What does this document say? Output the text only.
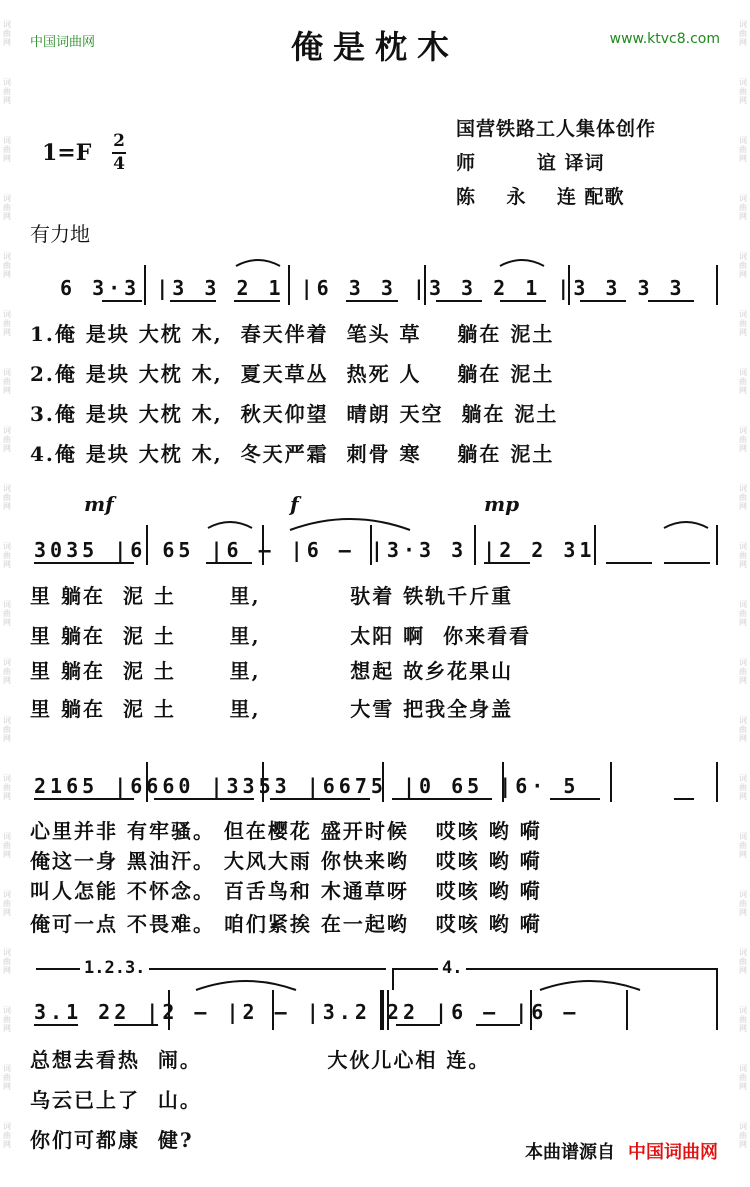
词曲网
词曲网
词曲网
词曲网
词曲网
词曲网
词曲网
词曲网
词曲网
词曲网
词曲网
词曲网
词曲网
词曲网
词曲网
词曲网
词曲网
词曲网
词曲网
词曲网
词曲网
词曲网
词曲网
词曲网
词曲网
词曲网
词曲网
词曲网
词曲网
词曲网
词曲网
词曲网
词曲网
词曲网
词曲网
词曲网
词曲网
词曲网
词曲网
词曲网
中国词曲网	俺是枕木	www.ktvc8.com
国营铁路工人集体创作
师        谊 译词
陈    永    连 配歌
1=F 2
4
有力地
6 3·3 |3 3 2 1 |6 3 3 |3 3 2 1 |3 3 3 3
1.俺 是块 大枕 木,  春天伴着  笔头 草    躺在 泥土
2.俺 是块 大枕 木,  夏天草丛  热死 人    躺在 泥土
3.俺 是块 大枕 木,  秋天仰望  晴朗 天空  躺在 泥土
4.俺 是块 大枕 木,  冬天严霜  刺骨 寒    躺在 泥土
mf	f	mp
3035 |6 65 |6 — |6 — |3·3 3 |2 2 31
里 躺在  泥 土      里,          驮着 铁轨千斤重
里 躺在  泥 土      里,          太阳 啊  你来看看
里 躺在  泥 土      里,          想起 故乡花果山
里 躺在  泥 土      里,          大雪 把我全身盖
2165 |6660 |3353 |6675 |0 65 |6· 5
心里并非 有牢骚。 但在樱花 盛开时候   哎咳 哟 嗬
俺这一身 黑油汗。 大风大雨 你快来哟   哎咳 哟 嗬
叫人怎能 不怀念。 百舌鸟和 木通草呀   哎咳 哟 嗬
俺可一点 不畏难。 咱们紧挨 在一起哟   哎咳 哟 嗬
1.2.3.	4.
3.1 22 |2 — |2 — |3.2 22 |6 — |6 —
总想去看热  闹。              大伙儿心相 连。
乌云已上了  山。
你们可都康  健?
本曲谱源自 中国词曲网
